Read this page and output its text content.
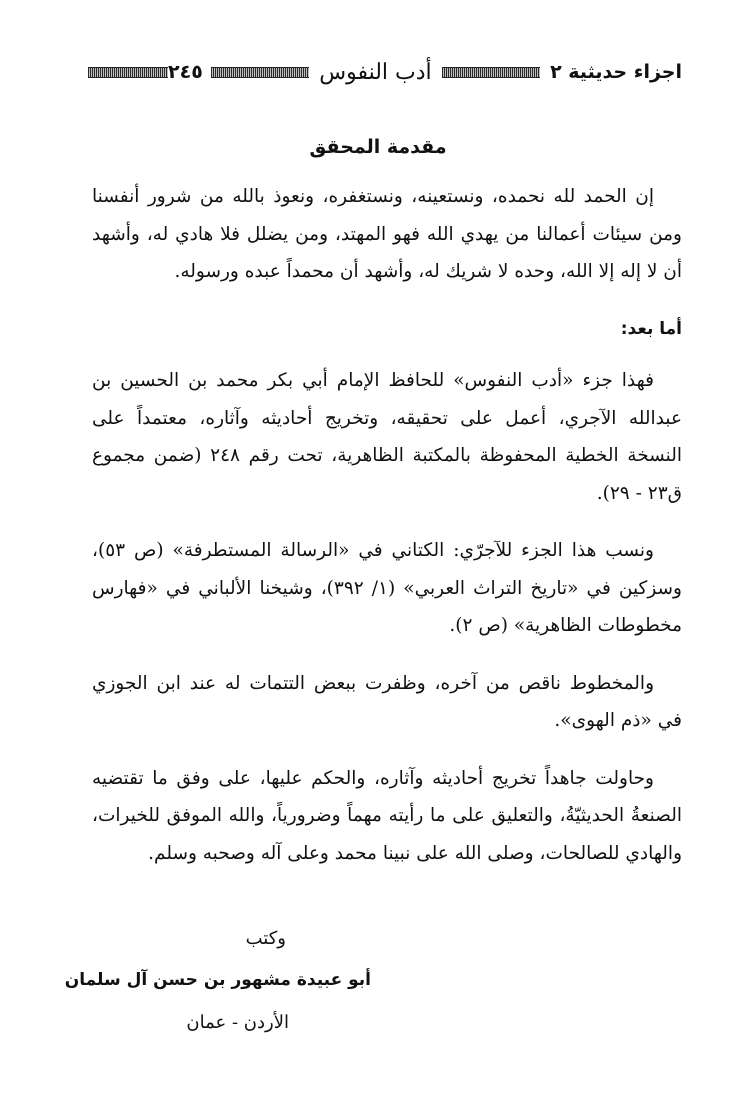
اجزاء حديثية ٢
أدب النفوس
٢٤٥
مقدمة المحقق

إن الحمد لله نحمده، ونستعينه، ونستغفره، ونعوذ بالله من شرور أنفسنا ومن سيئات أعمالنا من يهدي الله فهو المهتد، ومن يضلل فلا هادي له، وأشهد أن لا إله إلا الله، وحده لا شريك له، وأشهد أن محمداً عبده ورسوله.

أما بعد:

فهذا جزء «أدب النفوس» للحافظ الإمام أبي بكر محمد بن الحسين بن عبدالله الآجري، أعمل على تحقيقه، وتخريج أحاديثه وآثاره، معتمداً على النسخة الخطية المحفوظة بالمكتبة الظاهرية، تحت رقم ٢٤٨ (ضمن مجموع ق٢٣ - ٢٩).

ونسب هذا الجزء للآجرّي: الكتاني في «الرسالة المستطرفة» (ص ٥٣)، وسزكين في «تاريخ التراث العربي» (١/ ٣٩٢)، وشيخنا الألباني في «فهارس مخطوطات الظاهرية» (ص ٢).

والمخطوط ناقص من آخره، وظفرت ببعض التتمات له عند ابن الجوزي في «ذم الهوى».

وحاولت جاهداً تخريج أحاديثه وآثاره، والحكم عليها، على وفق ما تقتضيه الصنعةُ الحديثيّةُ، والتعليق على ما رأيته مهماً وضرورياً، والله الموفق للخيرات، والهادي للصالحات، وصلى الله على نبينا محمد وعلى آله وصحبه وسلم.

وكتب
أبو عبيدة مشهور بن حسن آل سلمان
الأردن - عمان
